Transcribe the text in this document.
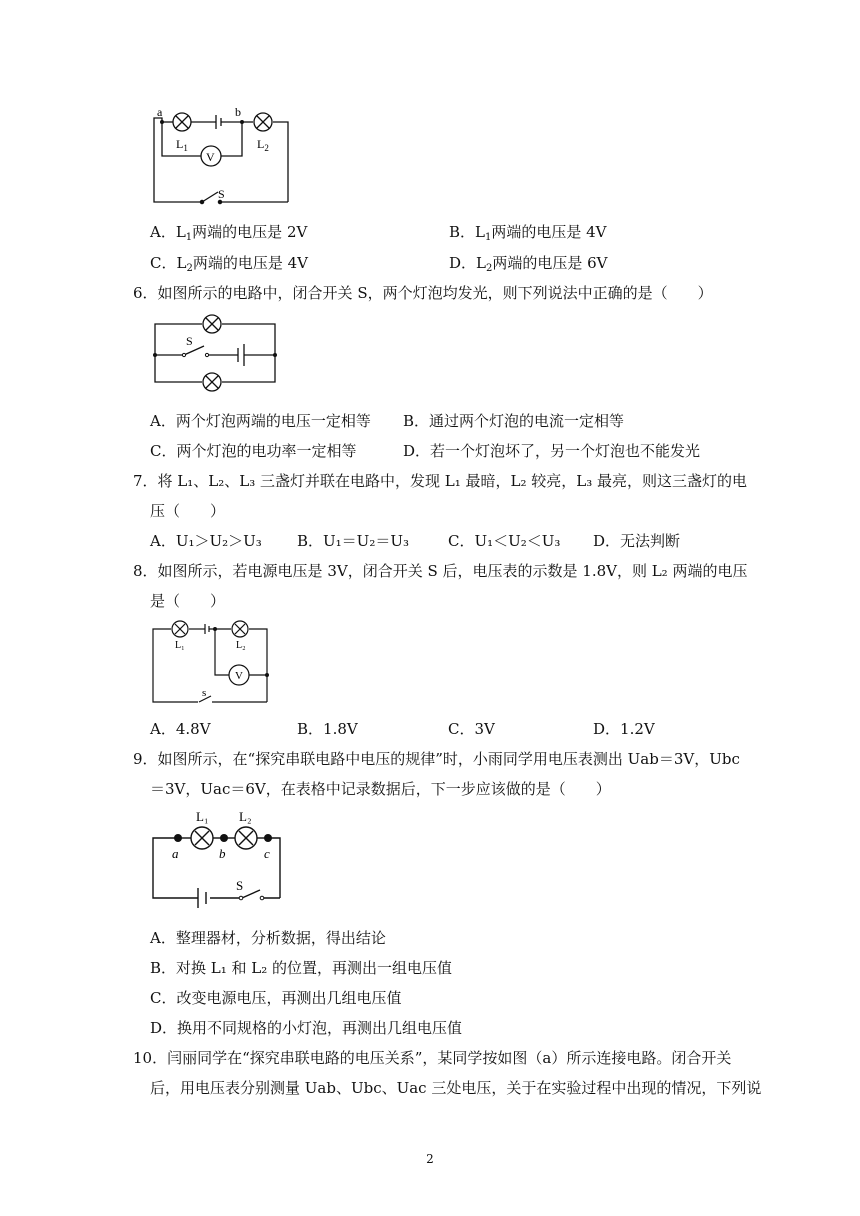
a	b
$L_1$	$L_2$
V
S
A．$L_1$两端的电压是 2V	B．$L_1$两端的电压是 4V
C．$L_2$两端的电压是 4V	D．$L_2$两端的电压是 6V
6．如图所示的电路中，闭合开关 S，两个灯泡均发光，则下列说法中正确的是（　　）
S
A．两个灯泡两端的电压一定相等 B．通过两个灯泡的电流一定相等
C．两个灯泡的电功率一定相等	D．若一个灯泡坏了，另一个灯泡也不能发光
7．将 L₁、L₂、L₃ 三盏灯并联在电路中，发现 L₁ 最暗，L₂ 较亮，L₃ 最亮，则这三盏灯的电
压（　　）
A．U₁＞U₂＞U₃ B．U₁＝U₂＝U₃	C．U₁＜U₂＜U₃ D．无法判断
8．如图所示，若电源电压是 3V，闭合开关 S 后，电压表的示数是 1.8V，则 L₂ 两端的电压
是（　　）
L₁	L₂
V
s
A．4.8V	B．1.8V	C．3V	D．1.2V
9．如图所示，在“探究串联电路中电压的规律”时，小雨同学用电压表测出 Uab＝3V，Ubc
＝3V，Uac＝6V，在表格中记录数据后，下一步应该做的是（　　）
L₁ L₂
a	b	c
S
A．整理器材，分析数据，得出结论
B．对换 L₁ 和 L₂ 的位置，再测出一组电压值
C．改变电源电压，再测出几组电压值
D．换用不同规格的小灯泡，再测出几组电压值
10．闫丽同学在“探究串联电路的电压关系”，某同学按如图（a）所示连接电路。闭合开关
后，用电压表分别测量 Uab、Ubc、Uac 三处电压，关于在实验过程中出现的情况，下列说
2
